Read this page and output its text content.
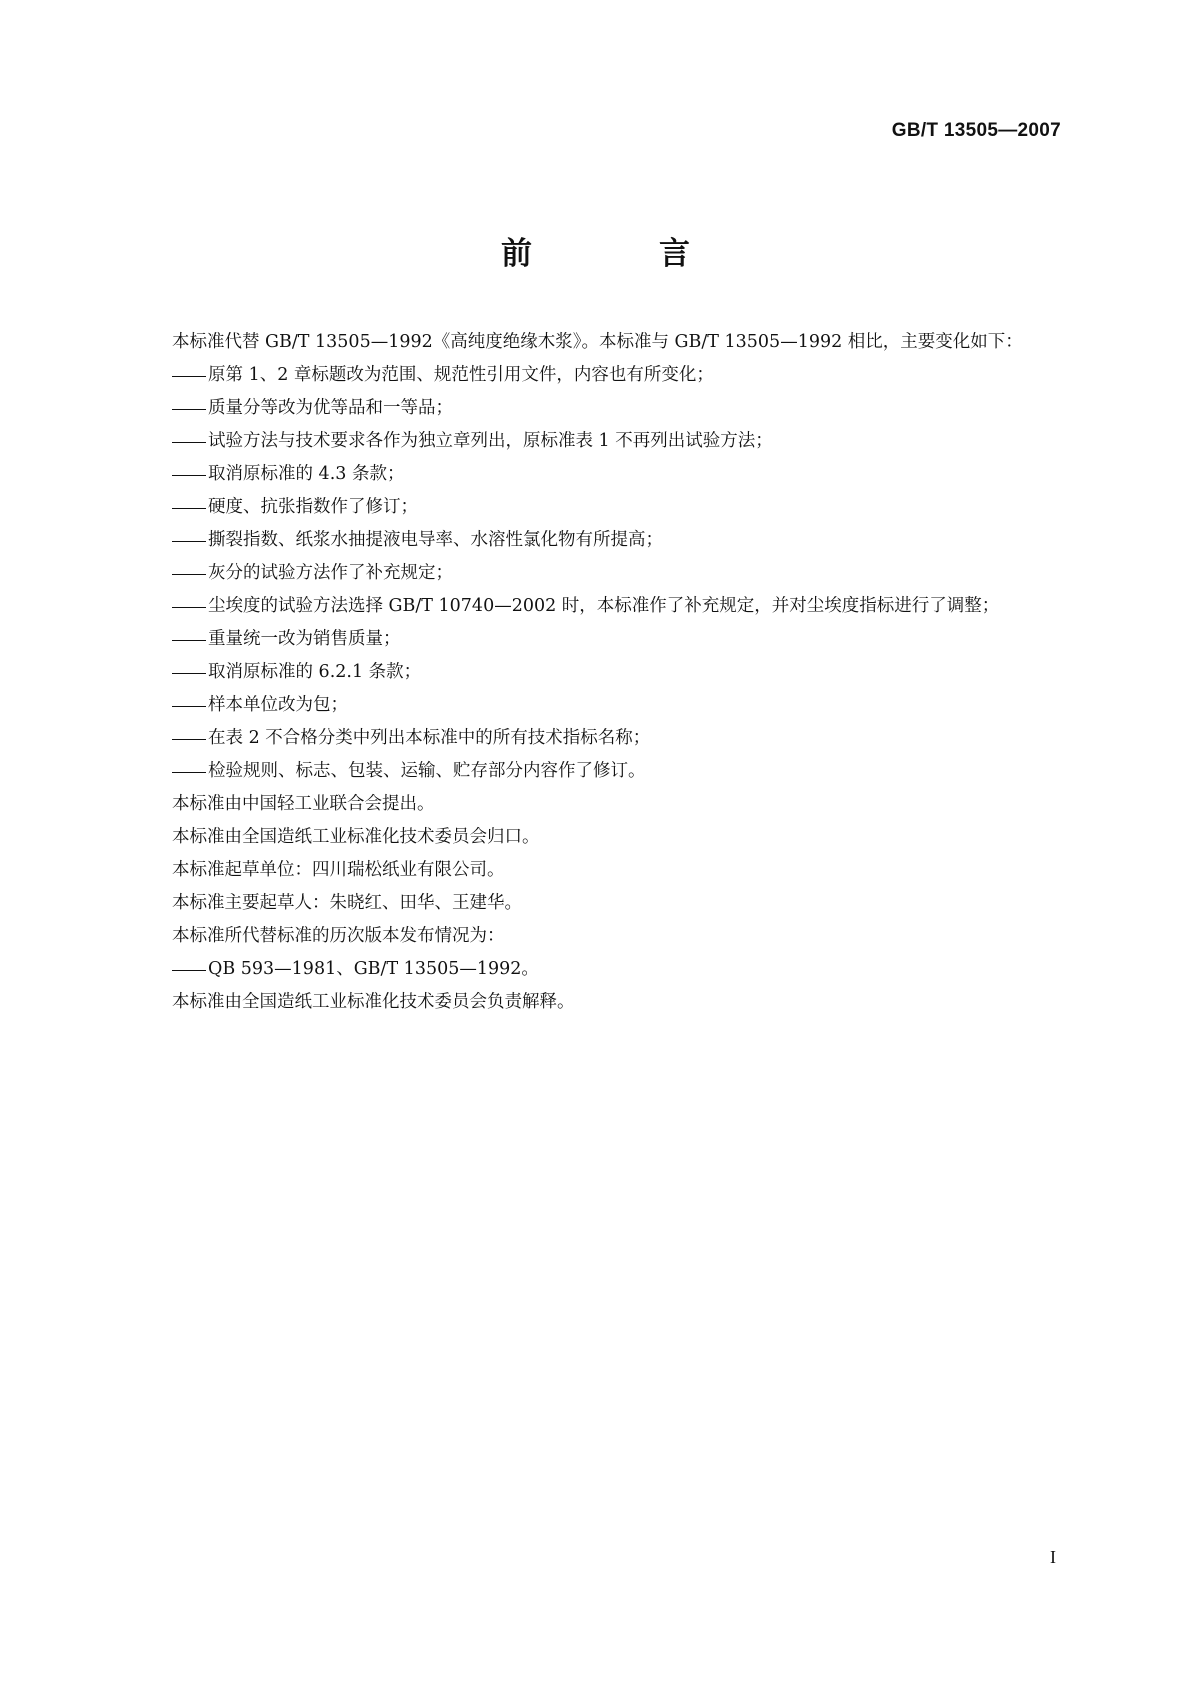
GB/T 13505—2007
前　言

本标准代替 GB/T 13505—1992《高纯度绝缘木浆》。本标准与 GB/T 13505—1992 相比，主要变化如下：

原第 1、2 章标题改为范围、规范性引用文件，内容也有所变化；
质量分等改为优等品和一等品；
试验方法与技术要求各作为独立章列出，原标准表 1 不再列出试验方法；
取消原标准的 4.3 条款；
硬度、抗张指数作了修订；
撕裂指数、纸浆水抽提液电导率、水溶性氯化物有所提高；
灰分的试验方法作了补充规定；
尘埃度的试验方法选择 GB/T 10740—2002 时，本标准作了补充规定，并对尘埃度指标进行了调整；
重量统一改为销售质量；
取消原标准的 6.2.1 条款；
样本单位改为包；
在表 2 不合格分类中列出本标准中的所有技术指标名称；
检验规则、标志、包装、运输、贮存部分内容作了修订。

本标准由中国轻工业联合会提出。

本标准由全国造纸工业标准化技术委员会归口。

本标准起草单位：四川瑞松纸业有限公司。

本标准主要起草人：朱晓红、田华、王建华。

本标准所代替标准的历次版本发布情况为：

QB 593—1981、GB/T 13505—1992。

本标准由全国造纸工业标准化技术委员会负责解释。

I
